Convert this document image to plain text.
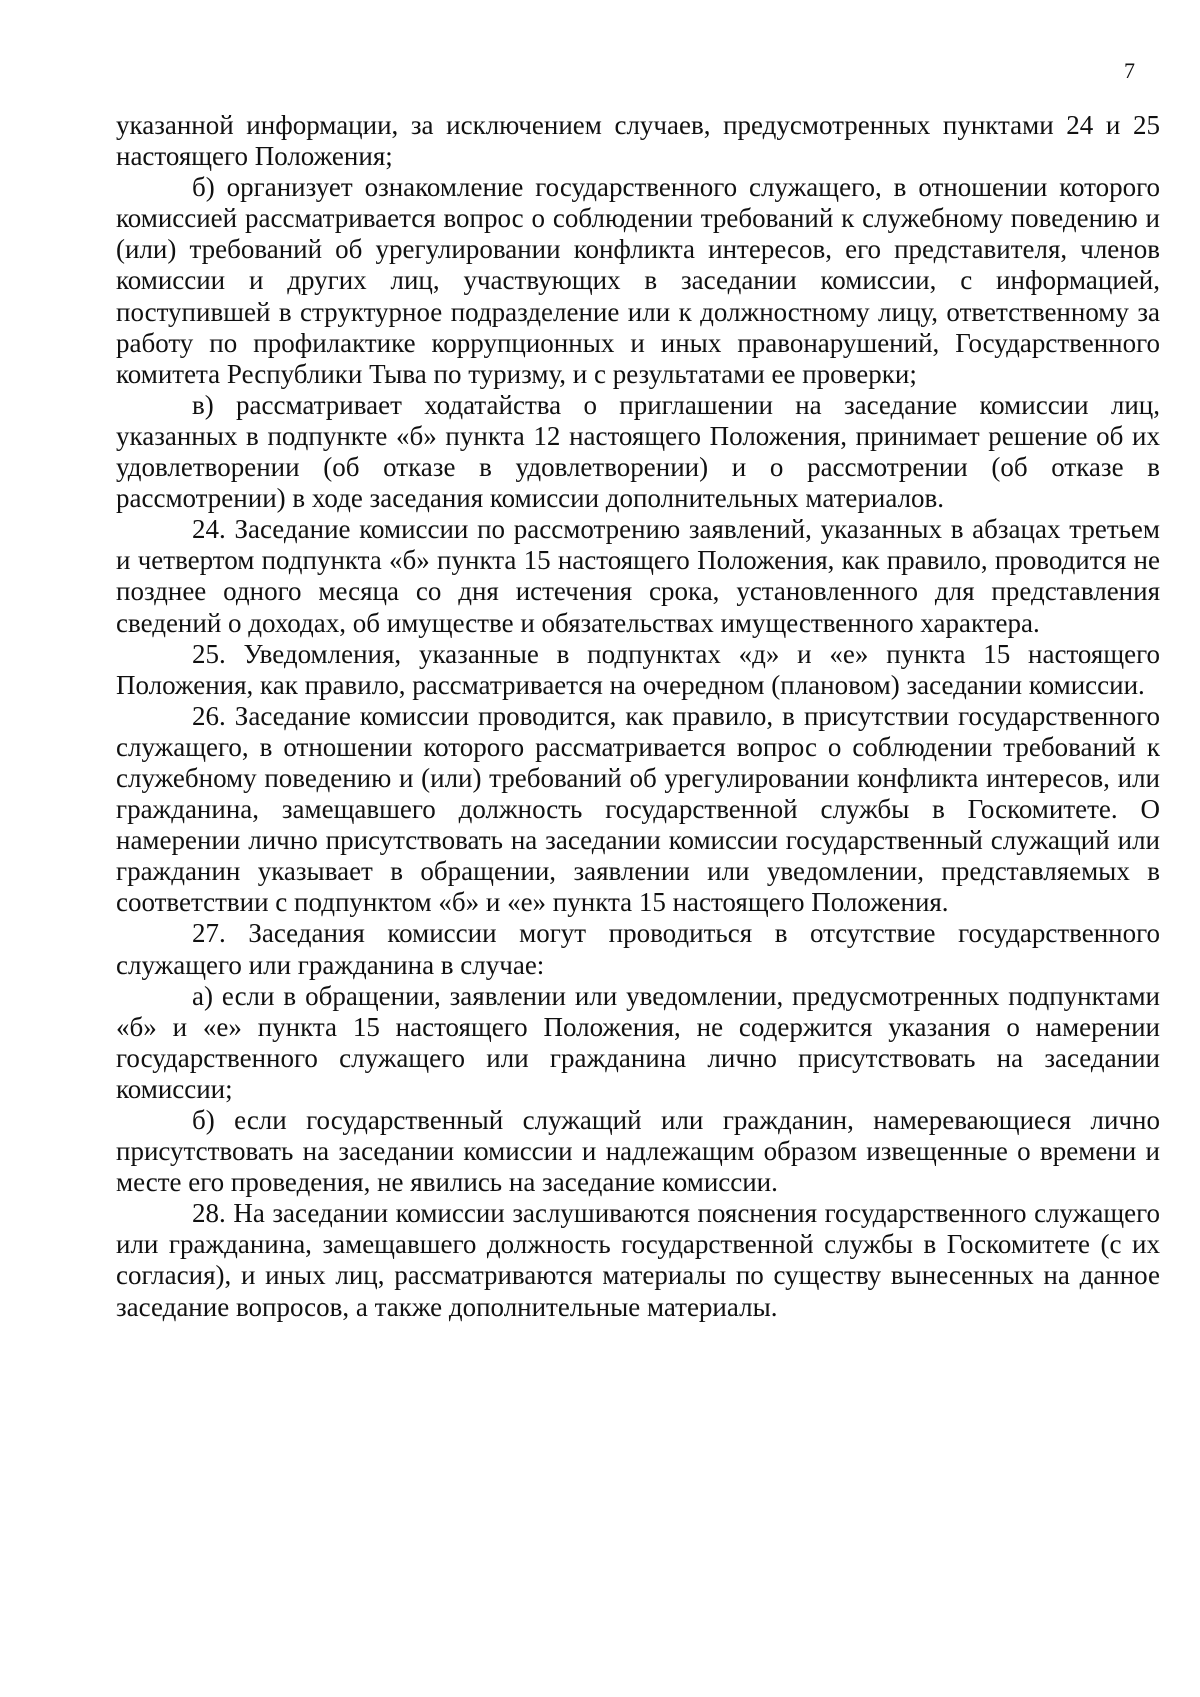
7

указанной информации, за исключением случаев, предусмотренных пунктами 24 и 25 настоящего Положения;

б) организует ознакомление государственного служащего, в отношении которого комиссией рассматривается вопрос о соблюдении требований к служебному поведению и (или) требований об урегулировании конфликта интересов, его представителя, членов комиссии и других лиц, участвующих в заседании комиссии, с информацией, поступившей в структурное подразделение или к должностному лицу, ответственному за работу по профилактике коррупционных и иных правонарушений, Государственного комитета Республики Тыва по туризму, и с результатами ее проверки;

в) рассматривает ходатайства о приглашении на заседание комиссии лиц, указанных в подпункте «б» пункта 12 настоящего Положения, принимает решение об их удовлетворении (об отказе в удовлетворении) и о рассмотрении (об отказе в рассмотрении) в ходе заседания комиссии дополнительных материалов.

24. Заседание комиссии по рассмотрению заявлений, указанных в абзацах третьем и четвертом подпункта «б» пункта 15 настоящего Положения, как правило, проводится не позднее одного месяца со дня истечения срока, установленного для представления сведений о доходах, об имуществе и обязательствах имущественного характера.

25. Уведомления, указанные в подпунктах «д» и «е» пункта 15 настоящего Положения, как правило, рассматривается на очередном (плановом) заседании комиссии.

26. Заседание комиссии проводится, как правило, в присутствии государственного служащего, в отношении которого рассматривается вопрос о соблюдении требований к служебному поведению и (или) требований об урегулировании конфликта интересов, или гражданина, замещавшего должность государственной службы в Госкомитете. О намерении лично присутствовать на заседании комиссии государственный служащий или гражданин указывает в обращении, заявлении или уведомлении, представляемых в соответствии с подпунктом «б» и «е» пункта 15 настоящего Положения.

27. Заседания комиссии могут проводиться в отсутствие государственного служащего или гражданина в случае:

а) если в обращении, заявлении или уведомлении, предусмотренных подпунктами «б» и «е» пункта 15 настоящего Положения, не содержится указания о намерении государственного служащего или гражданина лично присутствовать на заседании комиссии;

б) если государственный служащий или гражданин, намеревающиеся лично присутствовать на заседании комиссии и надлежащим образом извещенные о времени и месте его проведения, не явились на заседание комиссии.

28. На заседании комиссии заслушиваются пояснения государственного служащего или гражданина, замещавшего должность государственной службы в Госкомитете (с их согласия), и иных лиц, рассматриваются материалы по существу вынесенных на данное заседание вопросов, а также дополнительные материалы.
